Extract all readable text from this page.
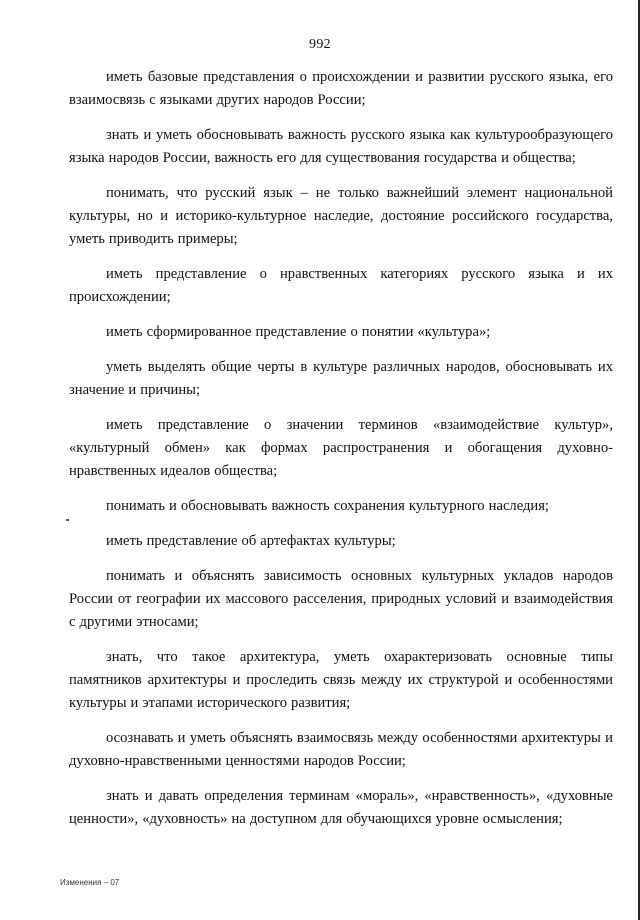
992

иметь базовые представления о происхождении и развитии русского языка, его взаимосвязь с языками других народов России;

знать и уметь обосновывать важность русского языка как культурообразующего языка народов России, важность его для существования государства и общества;

понимать, что русский язык – не только важнейший элемент национальной культуры, но и историко-культурное наследие, достояние российского государства, уметь приводить примеры;

иметь представление о нравственных категориях русского языка и их происхождении;

иметь сформированное представление о понятии «культура»;

уметь выделять общие черты в культуре различных народов, обосновывать их значение и причины;

иметь представление о значении терминов «взаимодействие культур», «культурный обмен» как формах распространения и обогащения духовно-нравственных идеалов общества;

понимать и обосновывать важность сохранения культурного наследия;

иметь представление об артефактах культуры;

понимать и объяснять зависимость основных культурных укладов народов России от географии их массового расселения, природных условий и взаимодействия с другими этносами;

знать, что такое архитектура, уметь охарактеризовать основные типы памятников архитектуры и проследить связь между их структурой и особенностями культуры и этапами исторического развития;

осознавать и уметь объяснять взаимосвязь между особенностями архитектуры и духовно-нравственными ценностями народов России;

знать и давать определения терминам «мораль», «нравственность», «духовные ценности», «духовность» на доступном для обучающихся уровне осмысления;

Изменения – 07
